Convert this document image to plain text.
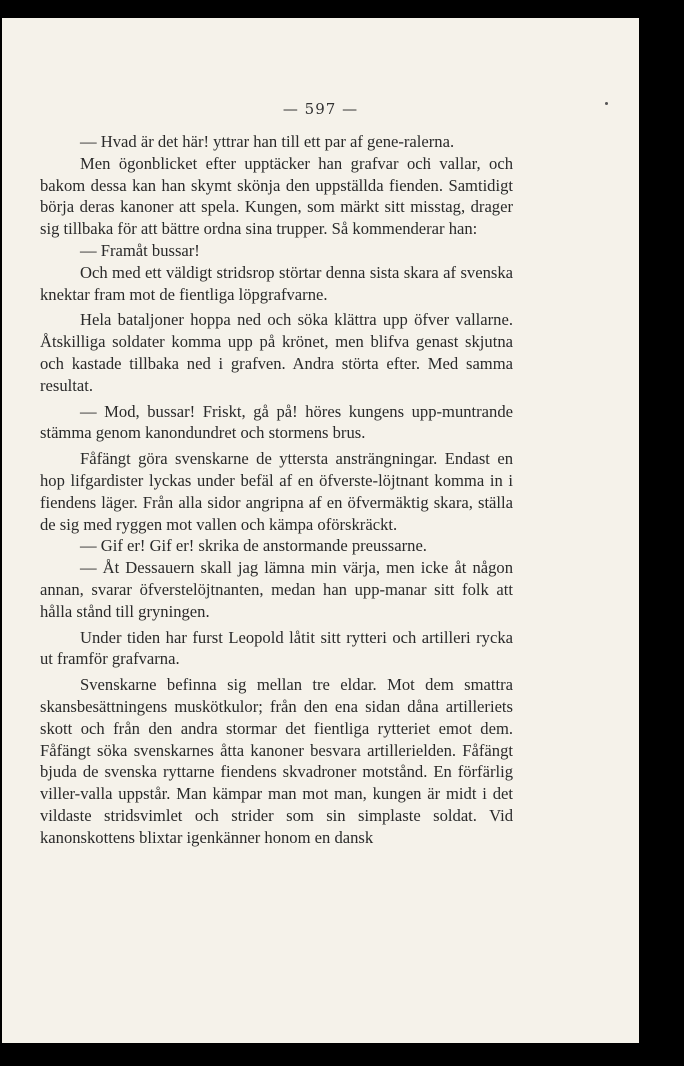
— 597 —

— Hvad är det här! yttrar han till ett par af gene-ralerna.

Men ögonblicket efter upptäcker han grafvar och vallar, och bakom dessa kan han skymt skönja den uppställda fienden. Samtidigt börja deras kanoner att spela. Kungen, som märkt sitt misstag, drager sig tillbaka för att bättre ordna sina trupper. Så kommenderar han:

— Framåt bussar!

Och med ett väldigt stridsrop störtar denna sista skara af svenska knektar fram mot de fientliga löpgrafvarne.

Hela bataljoner hoppa ned och söka klättra upp öfver vallarne. Åtskilliga soldater komma upp på krönet, men blifva genast skjutna och kastade tillbaka ned i grafven. Andra störta efter. Med samma resultat.

— Mod, bussar! Friskt, gå på! höres kungens upp-muntrande stämma genom kanondundret och stormens brus.

Fåfängt göra svenskarne de yttersta ansträngningar. Endast en hop lifgardister lyckas under befäl af en öfverste-löjtnant komma in i fiendens läger. Från alla sidor angripna af en öfvermäktig skara, ställa de sig med ryggen mot vallen och kämpa oförskräckt.

— Gif er! Gif er! skrika de anstormande preussarne.

— Åt Dessauern skall jag lämna min värja, men icke åt någon annan, svarar öfverstelöjtnanten, medan han upp-manar sitt folk att hålla stånd till gryningen.

Under tiden har furst Leopold låtit sitt rytteri och artilleri rycka ut framför grafvarna.

Svenskarne befinna sig mellan tre eldar. Mot dem smattra skansbesättningens muskötkulor; från den ena sidan dåna artilleriets skott och från den andra stormar det fientliga rytteriet emot dem. Fåfängt söka svenskarnes åtta kanoner besvara artillerielden. Fåfängt bjuda de svenska ryttarne fiendens skvadroner motstånd. En förfärlig viller-valla uppstår. Man kämpar man mot man, kungen är midt i det vildaste stridsvimlet och strider som sin simplaste soldat. Vid kanonskottens blixtar igenkänner honom en dansk
